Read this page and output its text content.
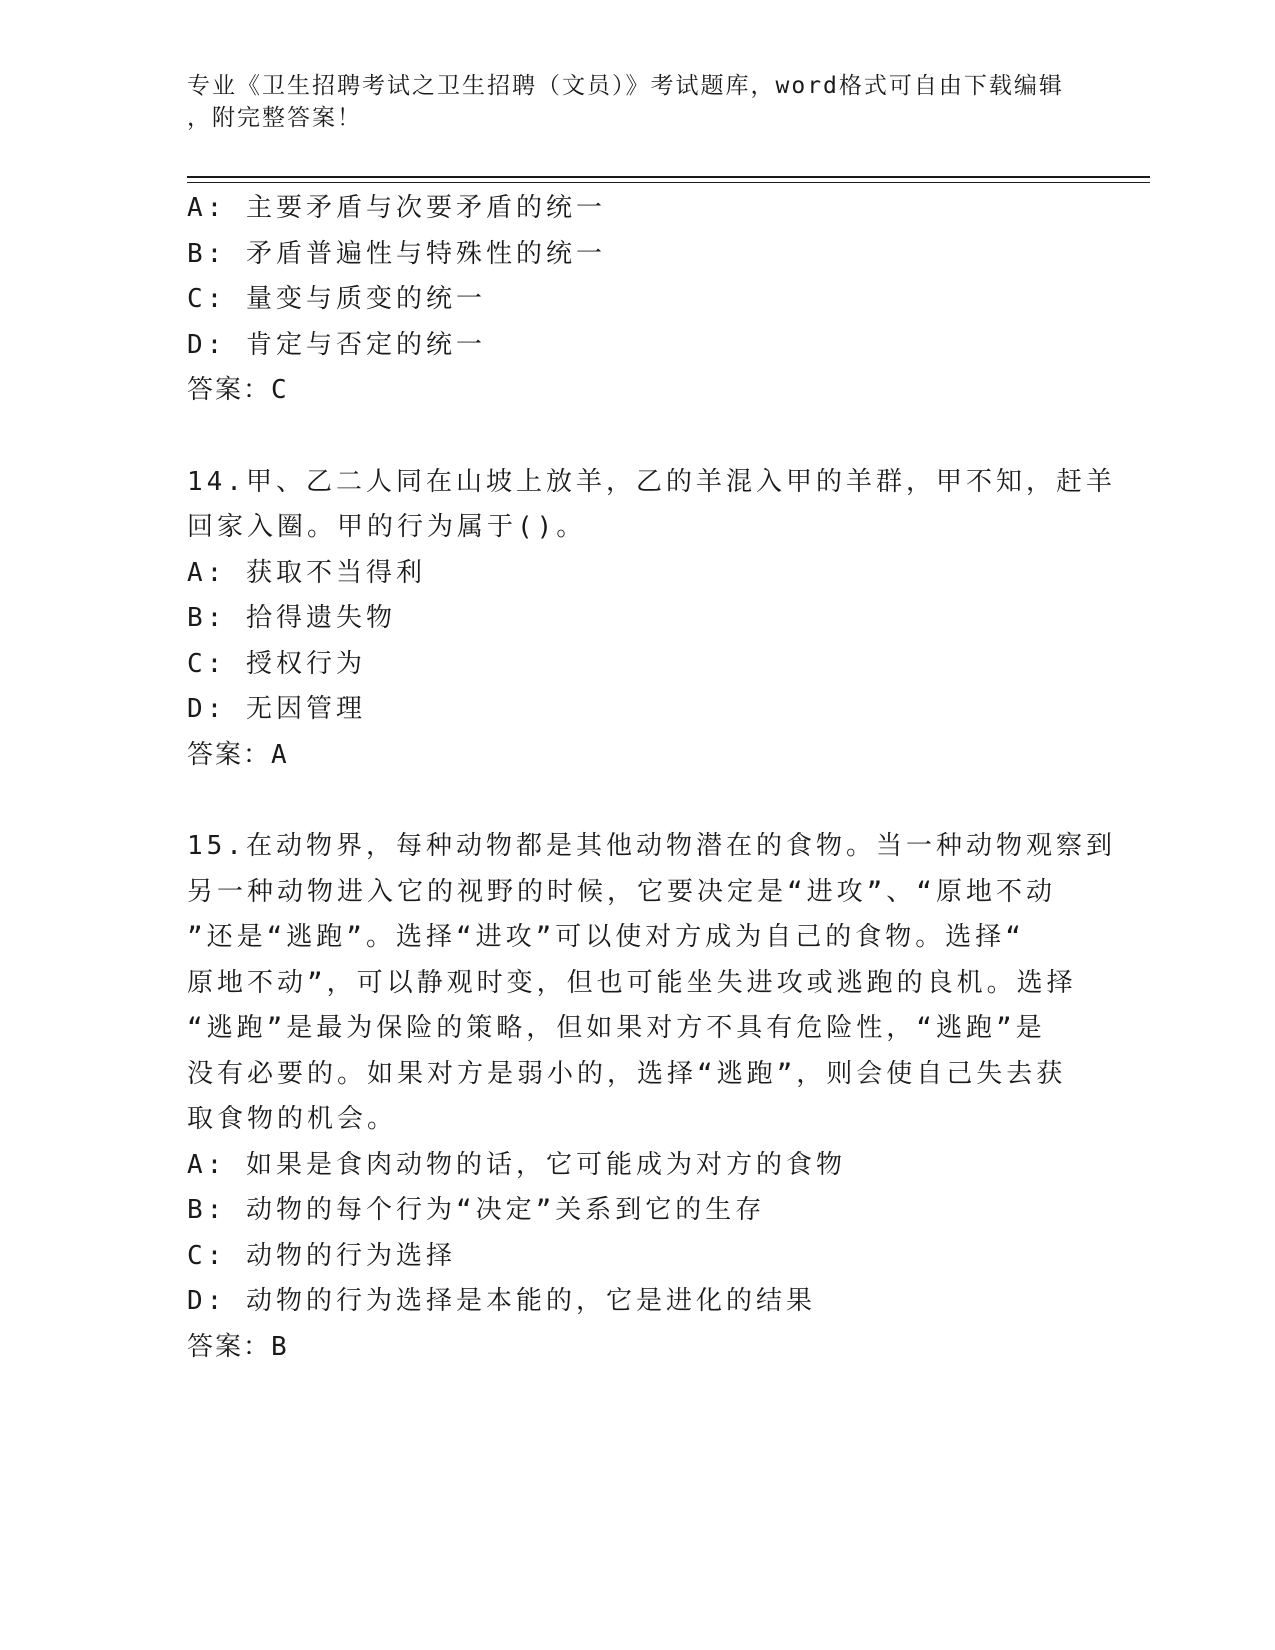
专业《卫生招聘考试之卫生招聘（文员）》考试题库，word格式可自由下载编辑
，附完整答案！
A: 主要矛盾与次要矛盾的统一
B: 矛盾普遍性与特殊性的统一
C: 量变与质变的统一
D: 肯定与否定的统一
答案：C
14.甲、乙二人同在山坡上放羊，乙的羊混入甲的羊群，甲不知，赶羊
回家入圈。甲的行为属于()。
A: 获取不当得利
B: 拾得遗失物
C: 授权行为
D: 无因管理
答案：A
15.在动物界，每种动物都是其他动物潜在的食物。当一种动物观察到
另一种动物进入它的视野的时候，它要决定是“进攻”、“原地不动
”还是“逃跑”。选择“进攻”可以使对方成为自己的食物。选择“
原地不动”，可以静观时变，但也可能坐失进攻或逃跑的良机。选择
“逃跑”是最为保险的策略，但如果对方不具有危险性，“逃跑”是
没有必要的。如果对方是弱小的，选择“逃跑”，则会使自己失去获
取食物的机会。
A: 如果是食肉动物的话，它可能成为对方的食物
B: 动物的每个行为“决定”关系到它的生存
C: 动物的行为选择
D: 动物的行为选择是本能的，它是进化的结果
答案：B
